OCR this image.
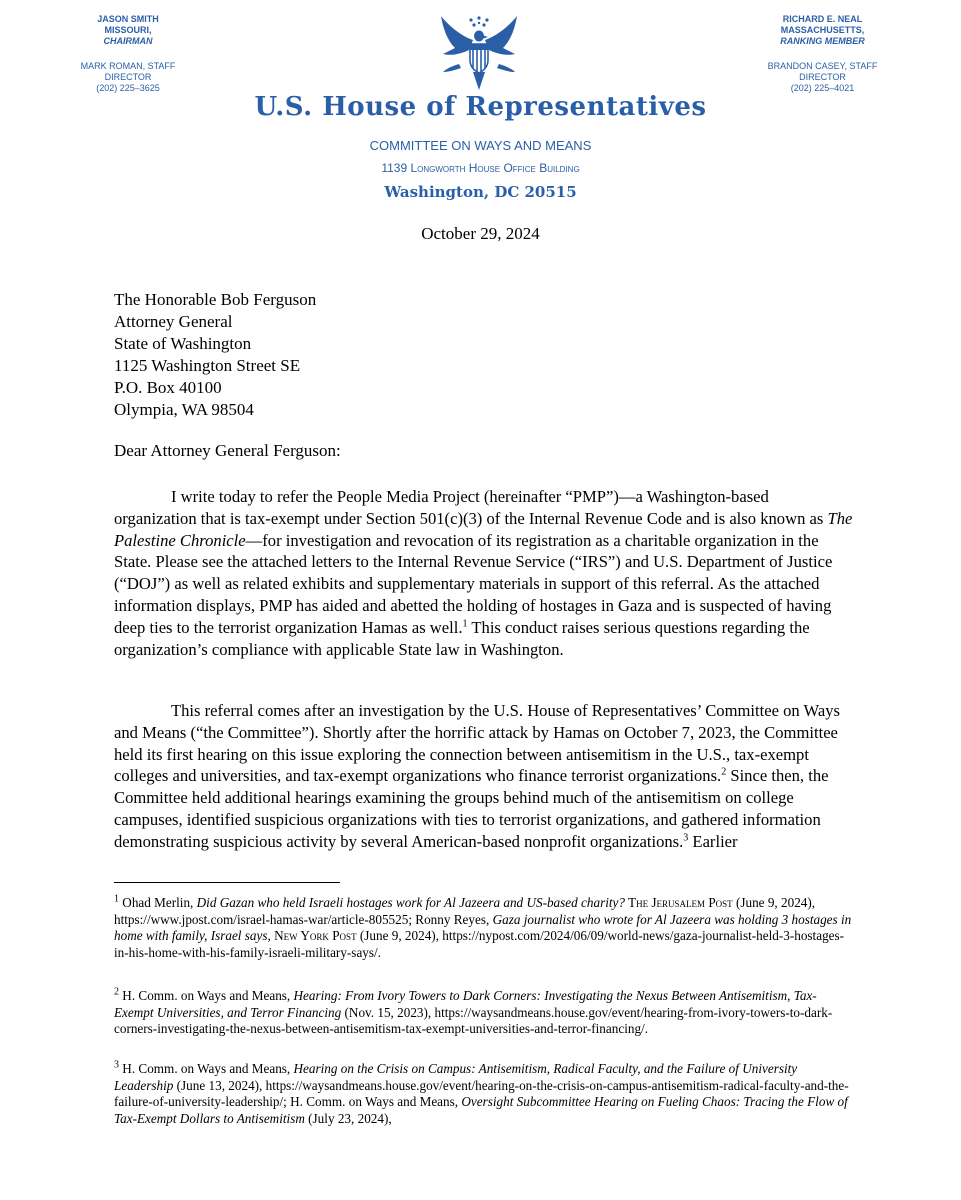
JASON SMITH
MISSOURI,
CHAIRMAN
MARK ROMAN, STAFF DIRECTOR
(202) 225–3625
RICHARD E. NEAL
MASSACHUSETTS,
RANKING MEMBER
BRANDON CASEY, STAFF DIRECTOR
(202) 225–4021
U.S. House of Representatives
COMMITTEE ON WAYS AND MEANS
1139 Longworth House Office Building
Washington, DC 20515
October 29, 2024
The Honorable Bob Ferguson
Attorney General
State of Washington
1125 Washington Street SE
P.O. Box 40100
Olympia, WA 98504
Dear Attorney General Ferguson:

I write today to refer the People Media Project (hereinafter “PMP”)—a Washington-based organization that is tax-exempt under Section 501(c)(3) of the Internal Revenue Code and is also known as The Palestine Chronicle—for investigation and revocation of its registration as a charitable organization in the State. Please see the attached letters to the Internal Revenue Service (“IRS”) and U.S. Department of Justice (“DOJ”) as well as related exhibits and supplementary materials in support of this referral. As the attached information displays, PMP has aided and abetted the holding of hostages in Gaza and is suspected of having deep ties to the terrorist organization Hamas as well.$^1$ This conduct raises serious questions regarding the organization’s compliance with applicable State law in Washington.

This referral comes after an investigation by the U.S. House of Representatives’ Committee on Ways and Means (“the Committee”). Shortly after the horrific attack by Hamas on October 7, 2023, the Committee held its first hearing on this issue exploring the connection between antisemitism in the U.S., tax-exempt colleges and universities, and tax-exempt organizations who finance terrorist organizations.$^2$ Since then, the Committee held additional hearings examining the groups behind much of the antisemitism on college campuses, identified suspicious organizations with ties to terrorist organizations, and gathered information demonstrating suspicious activity by several American-based nonprofit organizations.$^3$ Earlier

$^1$ Ohad Merlin, Did Gazan who held Israeli hostages work for Al Jazeera and US-based charity? The Jerusalem Post (June 9, 2024), https://www.jpost.com/israel-hamas-war/article-805525; Ronny Reyes, Gaza journalist who wrote for Al Jazeera was holding 3 hostages in home with family, Israel says, New York Post (June 9, 2024), https://nypost.com/2024/06/09/world-news/gaza-journalist-held-3-hostages-in-his-home-with-his-family-israeli-military-says/.

$^2$ H. Comm. on Ways and Means, Hearing: From Ivory Towers to Dark Corners: Investigating the Nexus Between Antisemitism, Tax-Exempt Universities, and Terror Financing (Nov. 15, 2023), https://waysandmeans.house.gov/event/hearing-from-ivory-towers-to-dark-corners-investigating-the-nexus-between-antisemitism-tax-exempt-universities-and-terror-financing/.

$^3$ H. Comm. on Ways and Means, Hearing on the Crisis on Campus: Antisemitism, Radical Faculty, and the Failure of University Leadership (June 13, 2024), https://waysandmeans.house.gov/event/hearing-on-the-crisis-on-campus-antisemitism-radical-faculty-and-the-failure-of-university-leadership/; H. Comm. on Ways and Means, Oversight Subcommittee Hearing on Fueling Chaos: Tracing the Flow of Tax-Exempt Dollars to Antisemitism (July 23, 2024),
